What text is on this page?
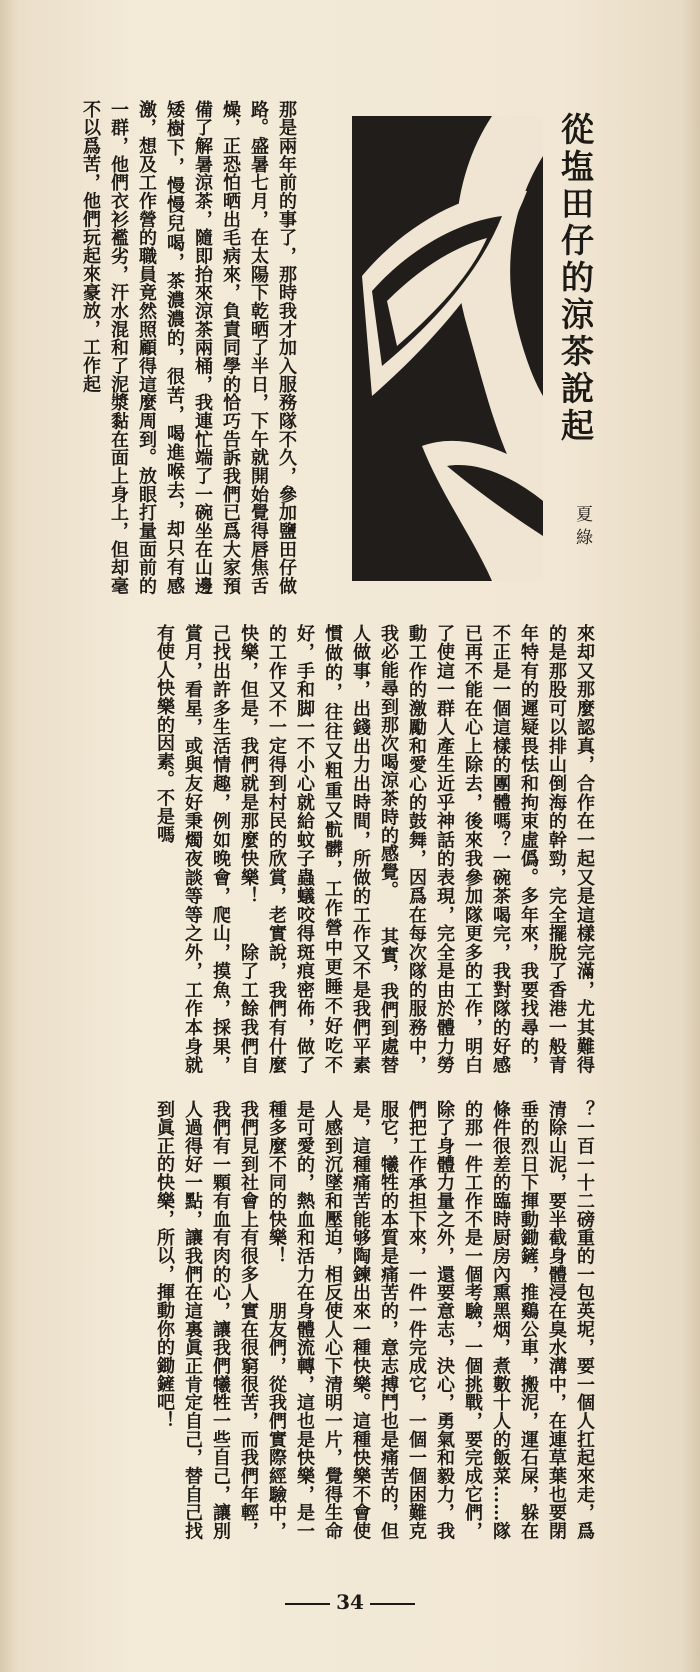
從塩田仔的涼茶說起
夏綠
那是兩年前的事了，那時我才加入服務隊不久，參加鹽田仔做路。盛暑七月，在太陽下乾晒了半日，下午就開始覺得唇焦舌燥，正恐怕晒出毛病來，負責同學的恰巧告訴我們已爲大家預備了解暑涼茶，隨即抬來涼茶兩桶，我連忙端了一碗坐在山邊矮樹下，慢慢兒喝，茶濃濃的，很苦，喝進喉去，却只有感激，想及工作營的職員竟然照顧得這麼周到。放眼打量面前的一群，他們衣衫襤劣，汗水混和了泥漿黏在面上身上，但却毫不以爲苦，他們玩起來豪放，工作起
來却又那麼認真，合作在一起又是這樣完滿，尤其難得的是那股可以排山倒海的幹勁，完全擺脫了香港一般青年特有的遲疑畏怯和拘束虛僞。多年來，我要找尋的，不正是一個這樣的團體嗎？一碗茶喝完，我對隊的好感已再不能在心上除去，後來我參加隊更多的工作，明白了使這一群人產生近乎神話的表現，完全是由於體力勞動工作的激勵和愛心的鼓舞，因爲在每次隊的服務中，我必能尋到那次喝涼茶時的感覺。　　其實，我們到處替人做事，出錢出力出時間，所做的工作又不是我們平素慣做的，往往又粗重又骯髒，工作營中更睡不好吃不好，手和脚一不小心就給蚊子蟲蟻咬得斑痕密佈，做了的工作又不一定得到村民的欣賞，老實說，我們有什麼快樂，但是，我們就是那麼快樂！　　除了工餘我們自己找出許多生活情趣，例如晚會，爬山，摸魚，採果，賞月，看星，或與友好秉燭夜談等等之外，工作本身就有使人快樂的因素。不是嗎
？一百一十二磅重的一包英坭，要一個人扛起來走，爲清除山泥，要半截身體浸在臭水溝中，在連草葉也要閉垂的烈日下揮動鋤鏟，推鷄公車，搬泥，運石屎，躲在條件很差的臨時厨房內熏黑烟，煮數十人的飯菜……隊的那一件工作不是一個考驗，一個挑戰，要完成它們，除了身體力量之外，還要意志，決心，勇氣和毅力，我們把工作承担下來，一件一件完成它，一個一個困難克服它，犧牲的本質是痛苦的，意志搏鬥也是痛苦的，但是，這種痛苦能够陶鍊出來一種快樂。這種快樂不會使人感到沉墜和壓迫，相反使人心下清明一片，覺得生命是可愛的，熱血和活力在身體流轉，這也是快樂，是一種多麼不同的快樂！　　朋友們，從我們實際經驗中，我們見到社會上有很多人實在很窮很苦，而我們年輕，我們有一顆有血有肉的心，讓我們犧牲一些自己，讓別人過得好一點，讓我們在這裏眞正肯定自己，替自己找到眞正的快樂，所以，揮動你的鋤鏟吧！
34
